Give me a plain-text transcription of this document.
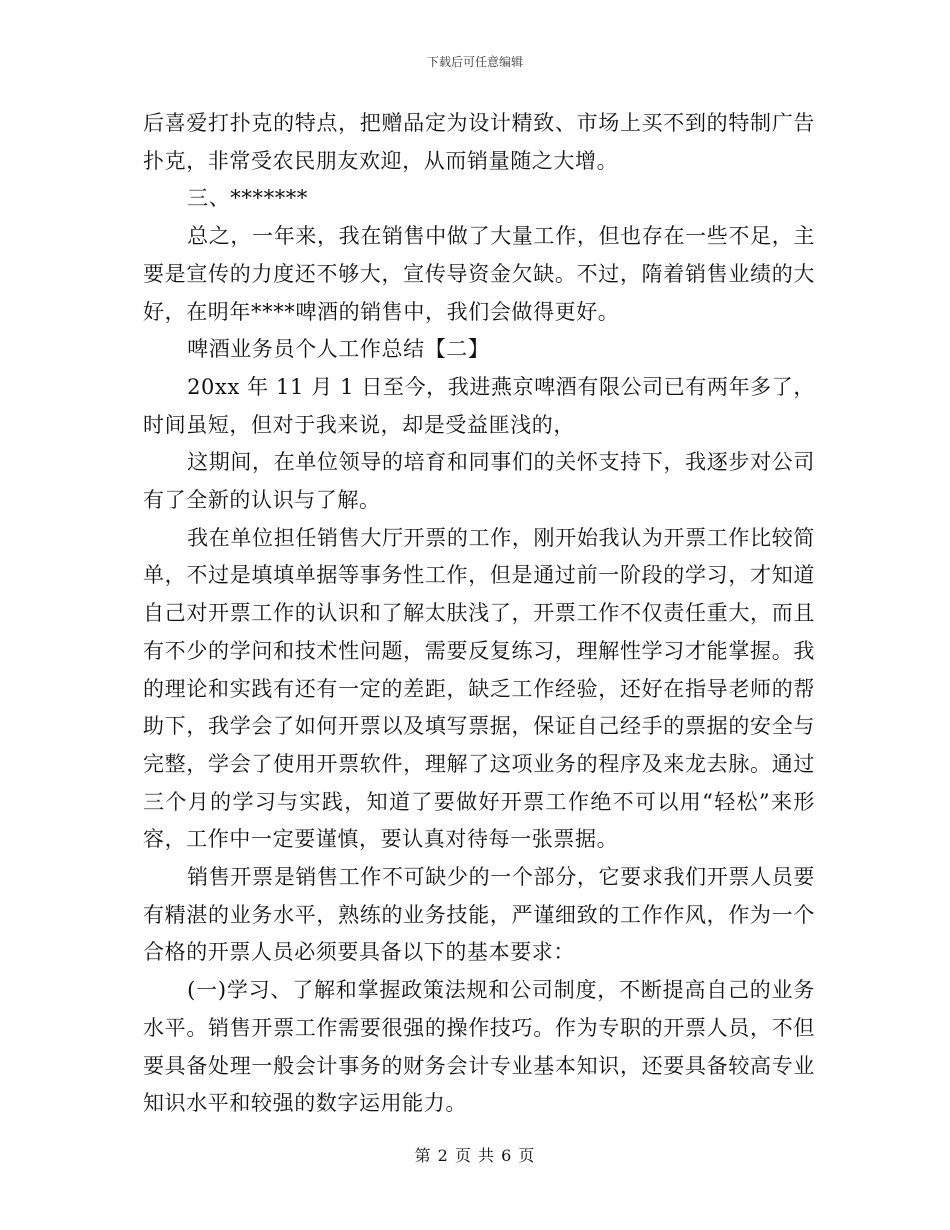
下载后可任意编辑

后喜爱打扑克的特点，把赠品定为设计精致、市场上买不到的特制广告扑克，非常受农民朋友欢迎，从而销量随之大增。

三、*******

总之，一年来，我在销售中做了大量工作，但也存在一些不足，主要是宣传的力度还不够大，宣传导资金欠缺。不过，隋着销售业绩的大好，在明年****啤酒的销售中，我们会做得更好。

啤酒业务员个人工作总结【二】

20xx 年 11 月 1 日至今，我进燕京啤酒有限公司已有两年多了，时间虽短，但对于我来说，却是受益匪浅的，

这期间，在单位领导的培育和同事们的关怀支持下，我逐步对公司有了全新的认识与了解。

我在单位担任销售大厅开票的工作，刚开始我认为开票工作比较简单，不过是填填单据等事务性工作，但是通过前一阶段的学习，才知道自己对开票工作的认识和了解太肤浅了，开票工作不仅责任重大，而且有不少的学问和技术性问题，需要反复练习，理解性学习才能掌握。我的理论和实践有还有一定的差距，缺乏工作经验，还好在指导老师的帮助下，我学会了如何开票以及填写票据，保证自己经手的票据的安全与完整，学会了使用开票软件，理解了这项业务的程序及来龙去脉。通过三个月的学习与实践，知道了要做好开票工作绝不可以用“轻松”来形容，工作中一定要谨慎，要认真对待每一张票据。

销售开票是销售工作不可缺少的一个部分，它要求我们开票人员要有精湛的业务水平，熟练的业务技能，严谨细致的工作作风，作为一个合格的开票人员必须要具备以下的基本要求：

(一)学习、了解和掌握政策法规和公司制度，不断提高自己的业务水平。销售开票工作需要很强的操作技巧。作为专职的开票人员，不但要具备处理一般会计事务的财务会计专业基本知识，还要具备较高专业知识水平和较强的数字运用能力。

第 2 页 共 6 页
